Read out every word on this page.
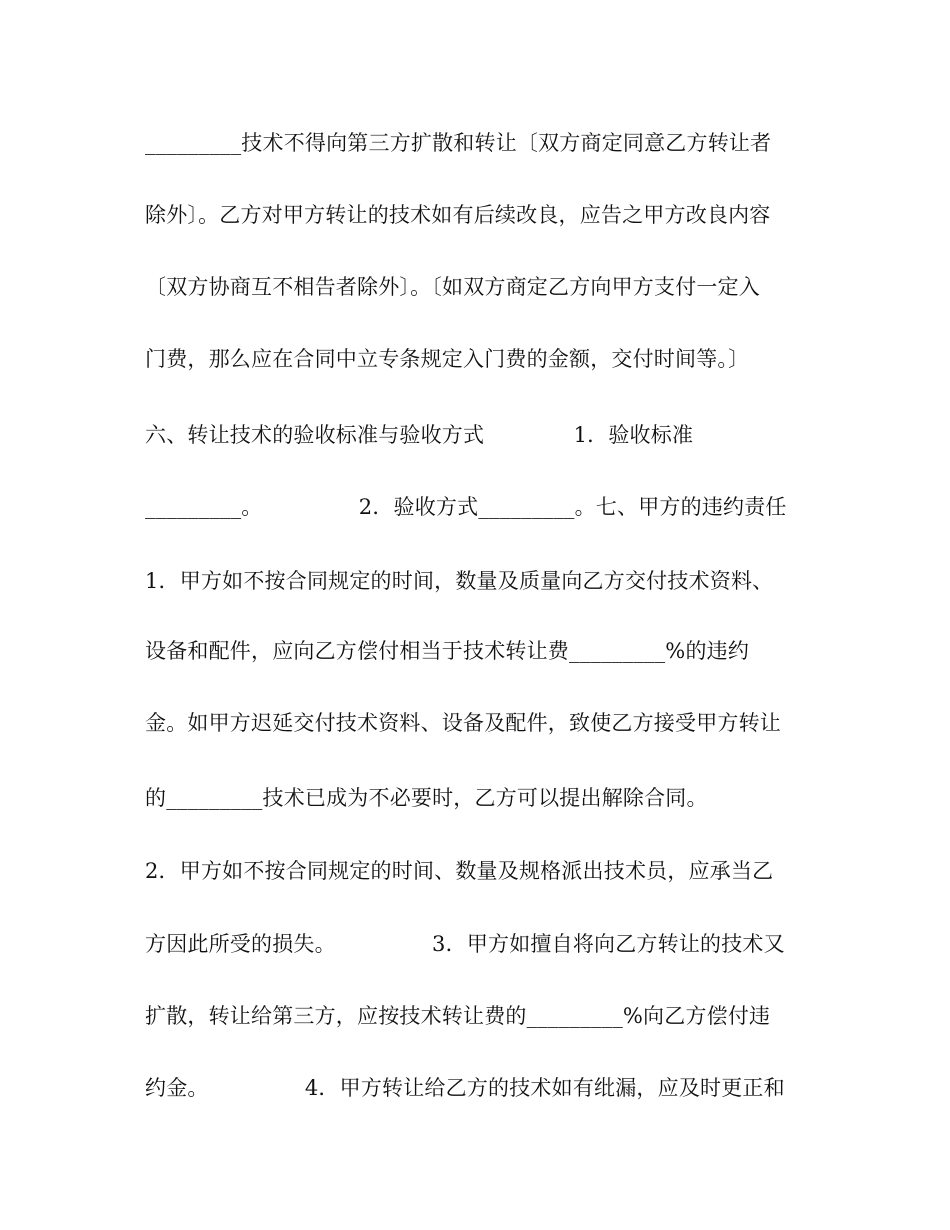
_________技术不得向第三方扩散和转让〔双方商定同意乙方转让者
除外〕。乙方对甲方转让的技术如有后续改良，应告之甲方改良内容
〔双方协商互不相告者除外〕。〔如双方商定乙方向甲方支付一定入
门费，那么应在合同中立专条规定入门费的金额，交付时间等。〕
六、转让技术的验收标准与验收方式             1．验收标准
_________。              2．验收方式_________。七、甲方的违约责任
1．甲方如不按合同规定的时间，数量及质量向乙方交付技术资料、
设备和配件，应向乙方偿付相当于技术转让费_________%的违约
金。如甲方迟延交付技术资料、设备及配件，致使乙方接受甲方转让
的_________技术已成为不必要时，乙方可以提出解除合同。
2．甲方如不按合同规定的时间、数量及规格派出技术员，应承当乙
方因此所受的损失。              3．甲方如擅自将向乙方转让的技术又
扩散，转让给第三方，应按技术转让费的_________%向乙方偿付违
约金。              4．甲方转让给乙方的技术如有纰漏，应及时更正和
